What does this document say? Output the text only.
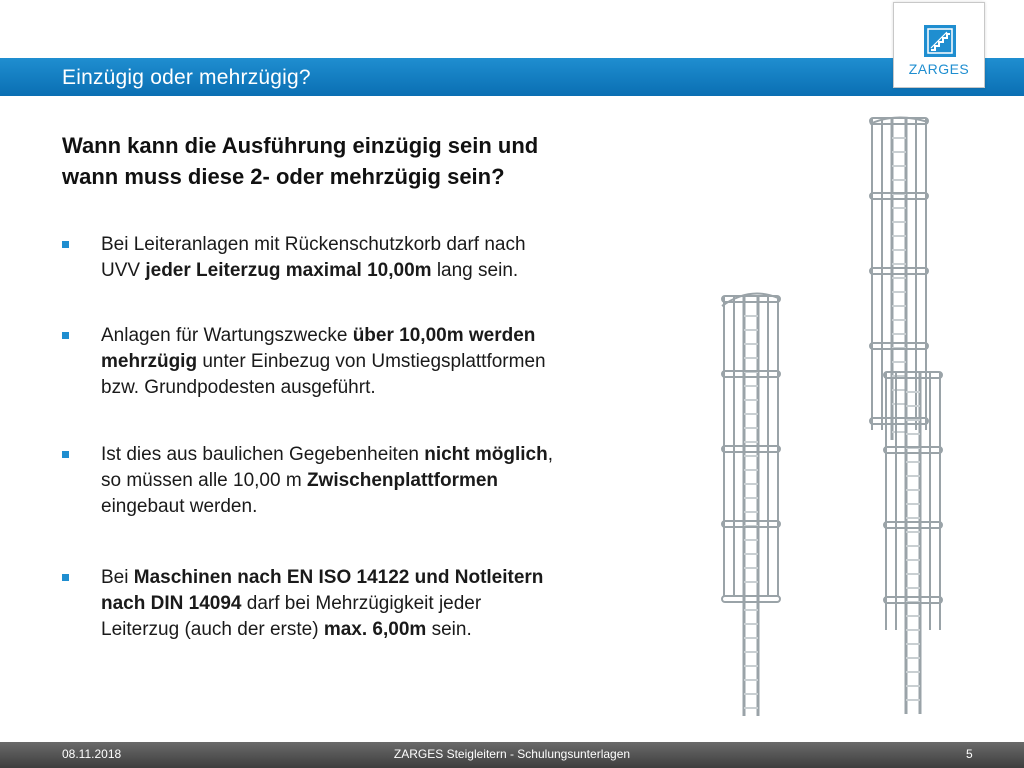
Einzügig oder mehrzügig?	ZARGES
Wann kann die Ausführung einzügig sein und
wann muss diese 2- oder mehrzügig sein?
Bei Leiteranlagen mit Rückenschutzkorb darf nach
UVV jeder Leiterzug maximal 10,00m lang sein.
Anlagen für Wartungszwecke über 10,00m werden
mehrzügig unter Einbezug von Umstiegsplattformen
bzw. Grundpodesten ausgeführt.
Ist dies aus baulichen Gegebenheiten nicht möglich,
so müssen alle 10,00 m Zwischenplattformen
eingebaut werden.
Bei Maschinen nach EN ISO 14122 und Notleitern
nach DIN 14094 darf bei Mehrzügigkeit jeder
Leiterzug (auch der erste) max. 6,00m sein.
08.11.2018	ZARGES Steigleitern - Schulungsunterlagen	5
